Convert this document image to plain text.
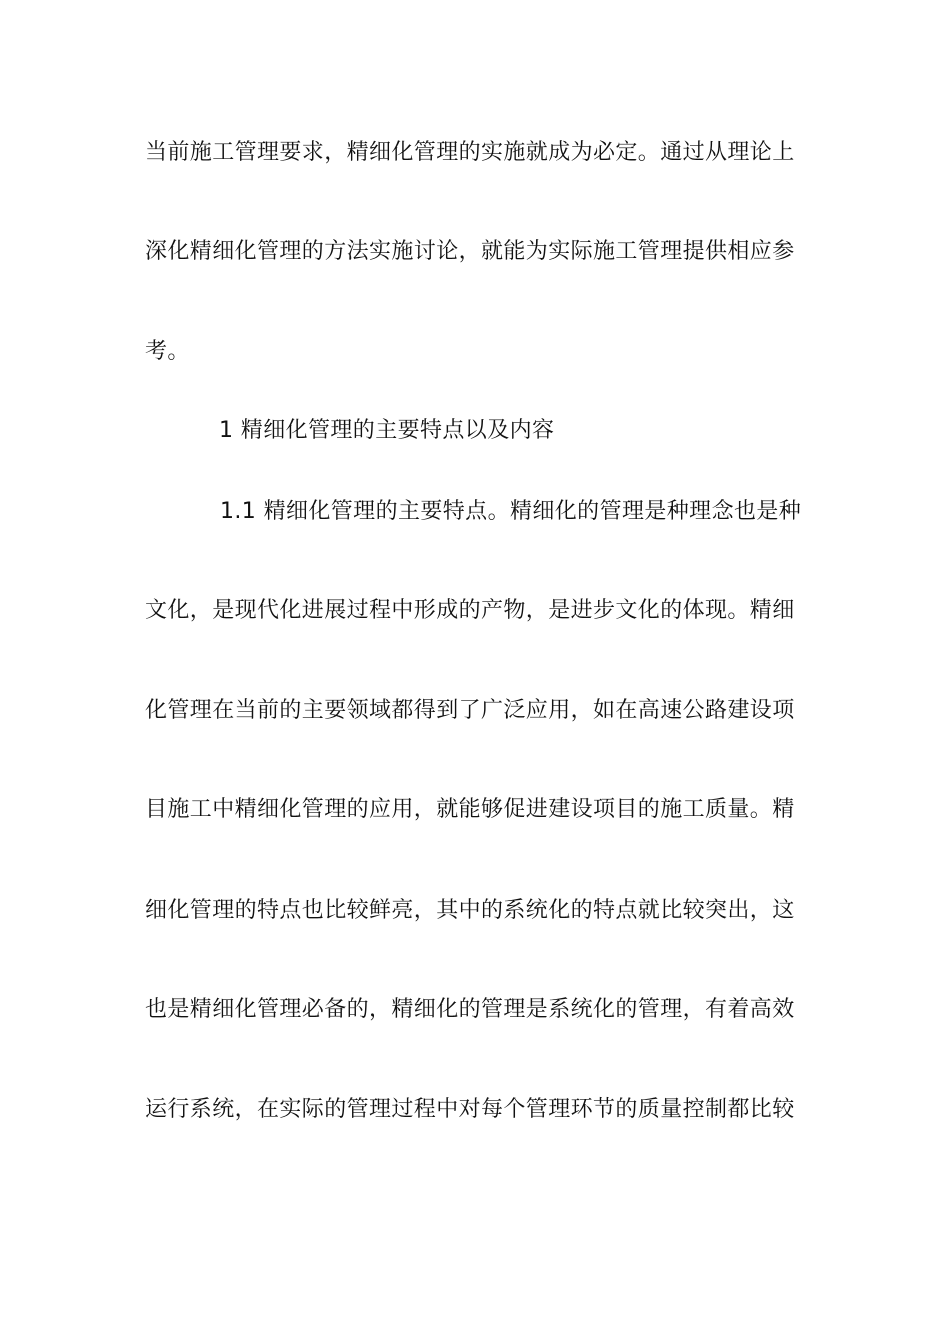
当前施工管理要求，精细化管理的实施就成为必定。通过从理论上
深化精细化管理的方法实施讨论，就能为实际施工管理提供相应参
考。
1 精细化管理的主要特点以及内容
1.1 精细化管理的主要特点。精细化的管理是种理念也是种
文化，是现代化进展过程中形成的产物，是进步文化的体现。精细
化管理在当前的主要领域都得到了广泛应用，如在高速公路建设项
目施工中精细化管理的应用，就能够促进建设项目的施工质量。精
细化管理的特点也比较鲜亮，其中的系统化的特点就比较突出，这
也是精细化管理必备的，精细化的管理是系统化的管理，有着高效
运行系统，在实际的管理过程中对每个管理环节的质量控制都比较
